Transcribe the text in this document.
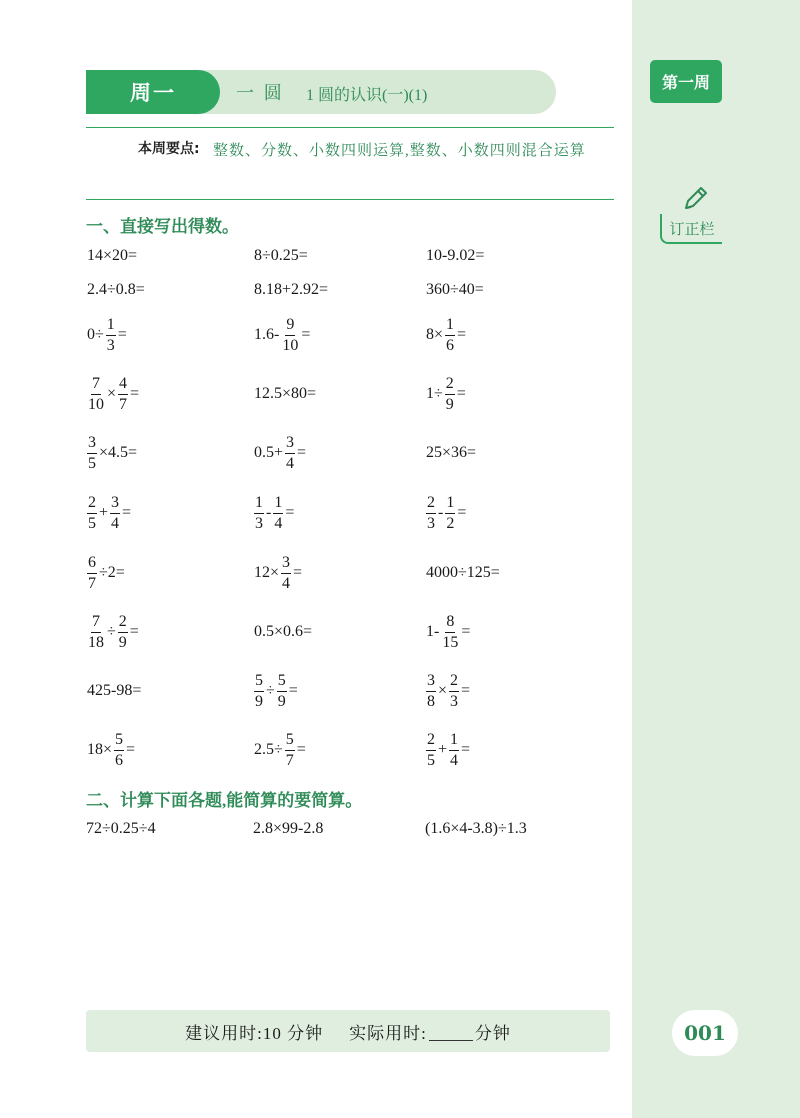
第一周
订正栏
001
周一	一 圆 1 圆的认识(一)(1)
本周要点: 整数、分数、小数四则运算,整数、小数四则混合运算
一、直接写出得数。
14×20=	8÷0.25=	10-9.02=
2.4÷0.8=	8.18+2.92=	360÷40=
$0\div \frac{1}{3}$ =	$1.6- \frac{9}{10}$ =	$8\times \frac{1}{6}$ =
$\frac{7}{10} \times \frac{4}{7}$ =	12.5×80=	$1\div \frac{2}{9}$ =
$\frac{3}{5} \times 4.5=$	$0.5+ \frac{3}{4}$ =	25×36=
$\frac{2}{5} + \frac{3}{4}$ =	$\frac{1}{3} - \frac{1}{4}$ =	$\frac{2}{3} - \frac{1}{2}$ =
$\frac{6}{7} \div 2=$	$12\times \frac{3}{4}$ =	4000÷125=
$\frac{7}{18} \div \frac{2}{9}$ =	0.5×0.6=	$1- \frac{8}{15}$ =
425-98=	$\frac{5}{9} \div \frac{5}{9}$ =	$\frac{3}{8} \times \frac{2}{3}$ =
$18\times \frac{5}{6}$ =	$2.5\div \frac{5}{7}$ =	$\frac{2}{5} + \frac{1}{4}$ =
二、计算下面各题,能简算的要简算。
72÷0.25÷4	2.8×99-2.8	(1.6×4-3.8)÷1.3
建议用时: 10 分钟 实际用时:	分钟
